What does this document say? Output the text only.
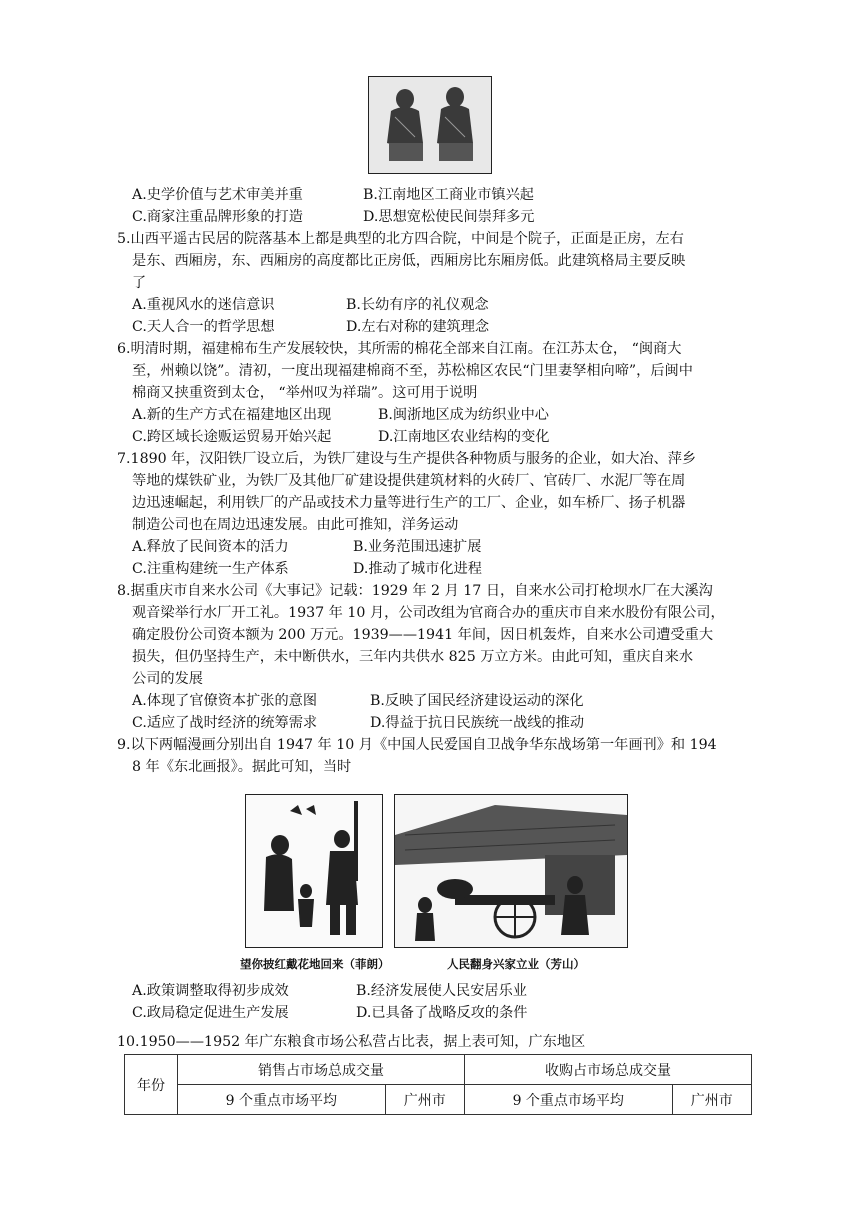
A.史学价值与艺术审美并重	B.江南地区工商业市镇兴起
C.商家注重品牌形象的打造	D.思想宽松使民间崇拜多元
5.山西平遥古民居的院落基本上都是典型的北方四合院，中间是个院子，正面是正房，左右
是东、西厢房，东、西厢房的高度都比正房低，西厢房比东厢房低。此建筑格局主要反映
了
A.重视风水的迷信意识	B.长幼有序的礼仪观念
C.天人合一的哲学思想	D.左右对称的建筑理念
6.明清时期，福建棉布生产发展较快，其所需的棉花全部来自江南。在江苏太仓， “闽商大
至，州赖以饶”。清初，一度出现福建棉商不至，苏松棉区农民“门里妻孥相向啼”，后闽中
棉商又挟重资到太仓， “举州叹为祥瑞”。这可用于说明
A.新的生产方式在福建地区出现	B.闽浙地区成为纺织业中心
C.跨区域长途贩运贸易开始兴起	D.江南地区农业结构的变化
7.1890 年，汉阳铁厂设立后，为铁厂建设与生产提供各种物质与服务的企业，如大冶、萍乡
等地的煤铁矿业，为铁厂及其他厂矿建设提供建筑材料的火砖厂、官砖厂、水泥厂等在周
边迅速崛起，利用铁厂的产品或技术力量等进行生产的工厂、企业，如车桥厂、扬子机器
制造公司也在周边迅速发展。由此可推知，洋务运动
A.释放了民间资本的活力	B.业务范围迅速扩展
C.注重构建统一生产体系	D.推动了城市化进程
8.据重庆市自来水公司《大事记》记载：1929 年 2 月 17 日，自来水公司打枪坝水厂在大溪沟
观音梁举行水厂开工礼。1937 年 10 月，公司改组为官商合办的重庆市自来水股份有限公司，
确定股份公司资本额为 200 万元。1939——1941 年间，因日机轰炸，自来水公司遭受重大
损失，但仍坚持生产，未中断供水，三年内共供水 825 万立方米。由此可知，重庆自来水
公司的发展
A.体现了官僚资本扩张的意图	B.反映了国民经济建设运动的深化
C.适应了战时经济的统筹需求	D.得益于抗日民族统一战线的推动
9.以下两幅漫画分别出自 1947 年 10 月《中国人民爱国自卫战争华东战场第一年画刊》和 194
8 年《东北画报》。据此可知，当时
望你披红戴花地回来（菲朗）	人民翻身兴家立业（芳山）
A.政策调整取得初步成效	B.经济发展使人民安居乐业
C.政局稳定促进生产发展	D.已具备了战略反攻的条件
10.1950——1952 年广东粮食市场公私营占比表，据上表可知，广东地区
年份	销售占市场总成交量		收购占市场总成交量	
	9 个重点市场平均	广州市	9 个重点市场平均	广州市
